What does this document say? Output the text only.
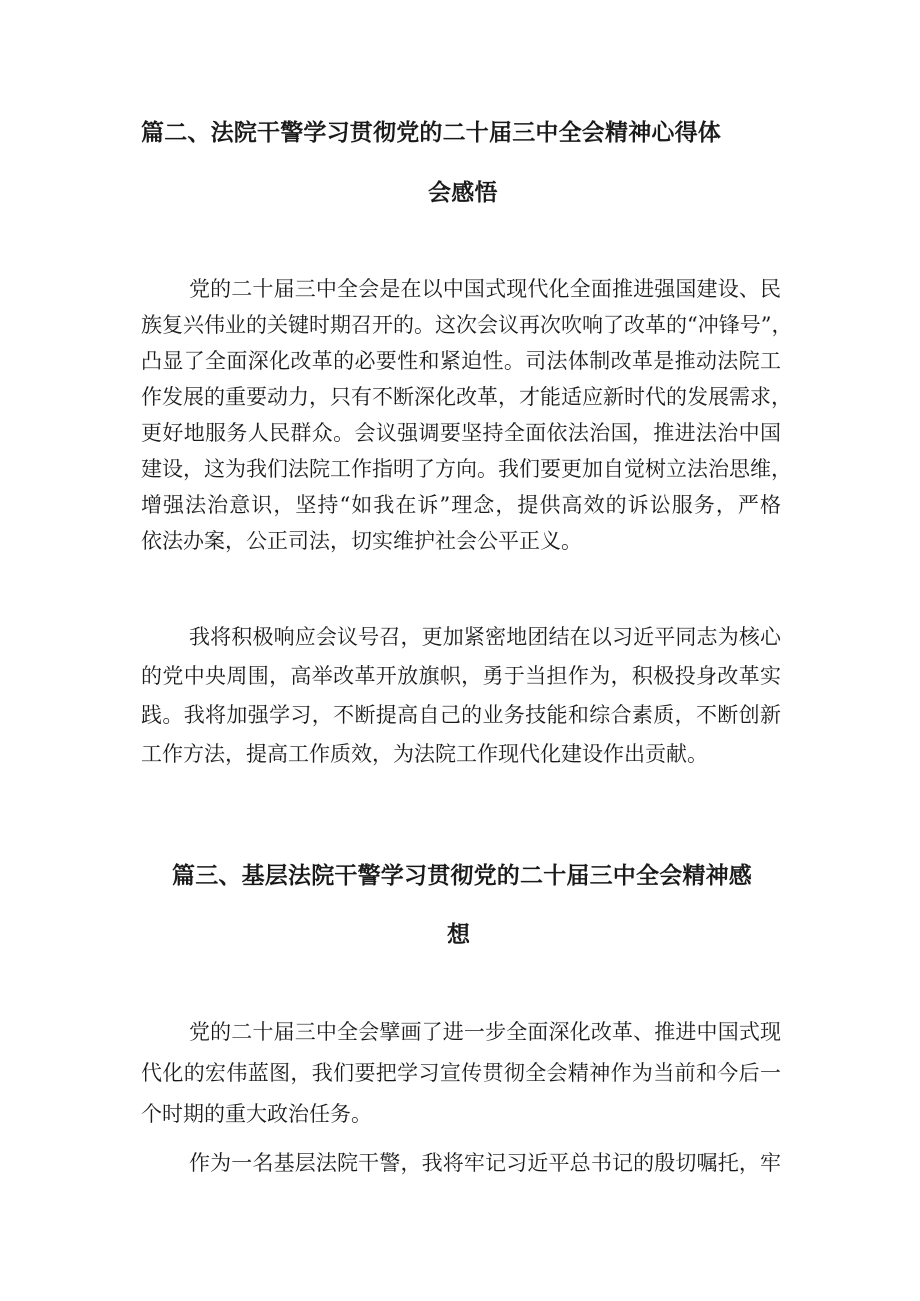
篇二、法院干警学习贯彻党的二十届三中全会精神心得体
会感悟
党的二十届三中全会是在以中国式现代化全面推进强国建设、民
族复兴伟业的关键时期召开的。这次会议再次吹响了改革的“冲锋号”，
凸显了全面深化改革的必要性和紧迫性。司法体制改革是推动法院工
作发展的重要动力，只有不断深化改革，才能适应新时代的发展需求，
更好地服务人民群众。会议强调要坚持全面依法治国，推进法治中国
建设，这为我们法院工作指明了方向。我们要更加自觉树立法治思维，
增强法治意识，坚持“如我在诉”理念，提供高效的诉讼服务，严格
依法办案，公正司法，切实维护社会公平正义。
我将积极响应会议号召，更加紧密地团结在以习近平同志为核心
的党中央周围，高举改革开放旗帜，勇于当担作为，积极投身改革实
践。我将加强学习，不断提高自己的业务技能和综合素质，不断创新
工作方法，提高工作质效，为法院工作现代化建设作出贡献。
篇三、基层法院干警学习贯彻党的二十届三中全会精神感
想
党的二十届三中全会擘画了进一步全面深化改革、推进中国式现
代化的宏伟蓝图，我们要把学习宣传贯彻全会精神作为当前和今后一
个时期的重大政治任务。
作为一名基层法院干警，我将牢记习近平总书记的殷切嘱托，牢
